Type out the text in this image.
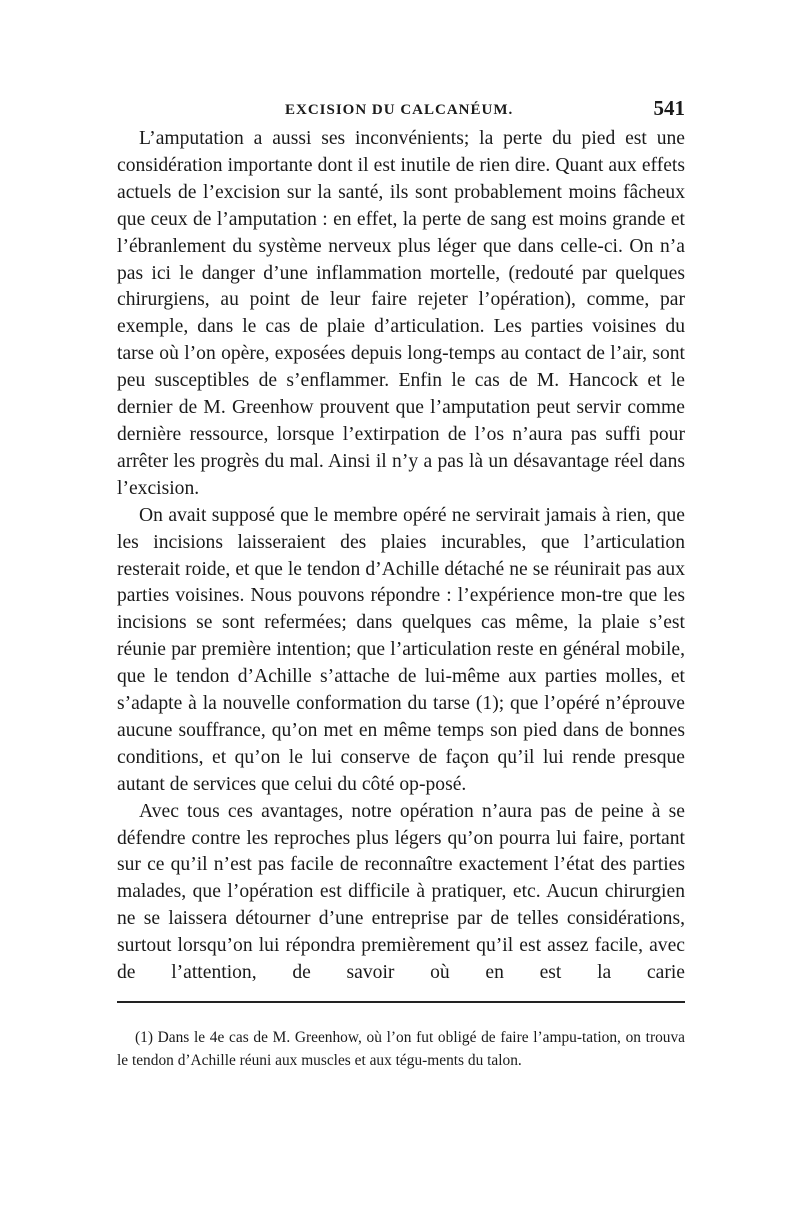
EXCISION DU CALCANÉUM.	541

L’amputation a aussi ses inconvénients; la perte du pied est une considération importante dont il est inutile de rien dire. Quant aux effets actuels de l’excision sur la santé, ils sont probablement moins fâcheux que ceux de l’amputation : en effet, la perte de sang est moins grande et l’ébranlement du système nerveux plus léger que dans celle-ci. On n’a pas ici le danger d’une inflammation mortelle, (redouté par quelques chirurgiens, au point de leur faire rejeter l’opération), comme, par exemple, dans le cas de plaie d’articulation. Les parties voisines du tarse où l’on opère, exposées depuis long-temps au contact de l’air, sont peu susceptibles de s’enflammer. Enfin le cas de M. Hancock et le dernier de M. Greenhow prouvent que l’amputation peut servir comme dernière ressource, lorsque l’extirpation de l’os n’aura pas suffi pour arrêter les progrès du mal. Ainsi il n’y a pas là un désavantage réel dans l’excision.

On avait supposé que le membre opéré ne servirait jamais à rien, que les incisions laisseraient des plaies incurables, que l’articulation resterait roide, et que le tendon d’Achille détaché ne se réunirait pas aux parties voisines. Nous pouvons répondre : l’expérience mon-tre que les incisions se sont refermées; dans quelques cas même, la plaie s’est réunie par première intention; que l’articulation reste en général mobile, que le tendon d’Achille s’attache de lui-même aux parties molles, et s’adapte à la nouvelle conformation du tarse (1); que l’opéré n’éprouve aucune souffrance, qu’on met en même temps son pied dans de bonnes conditions, et qu’on le lui conserve de façon qu’il lui rende presque autant de services que celui du côté op-posé.

Avec tous ces avantages, notre opération n’aura pas de peine à se défendre contre les reproches plus légers qu’on pourra lui faire, portant sur ce qu’il n’est pas facile de reconnaître exactement l’état des parties malades, que l’opération est difficile à pratiquer, etc. Aucun chirurgien ne se laissera détourner d’une entreprise par de telles considérations, surtout lorsqu’on lui répondra premièrement qu’il est assez facile, avec de l’attention, de savoir où en est la carie

(1) Dans le 4e cas de M. Greenhow, où l’on fut obligé de faire l’ampu-tation, on trouva le tendon d’Achille réuni aux muscles et aux tégu-ments du talon.
